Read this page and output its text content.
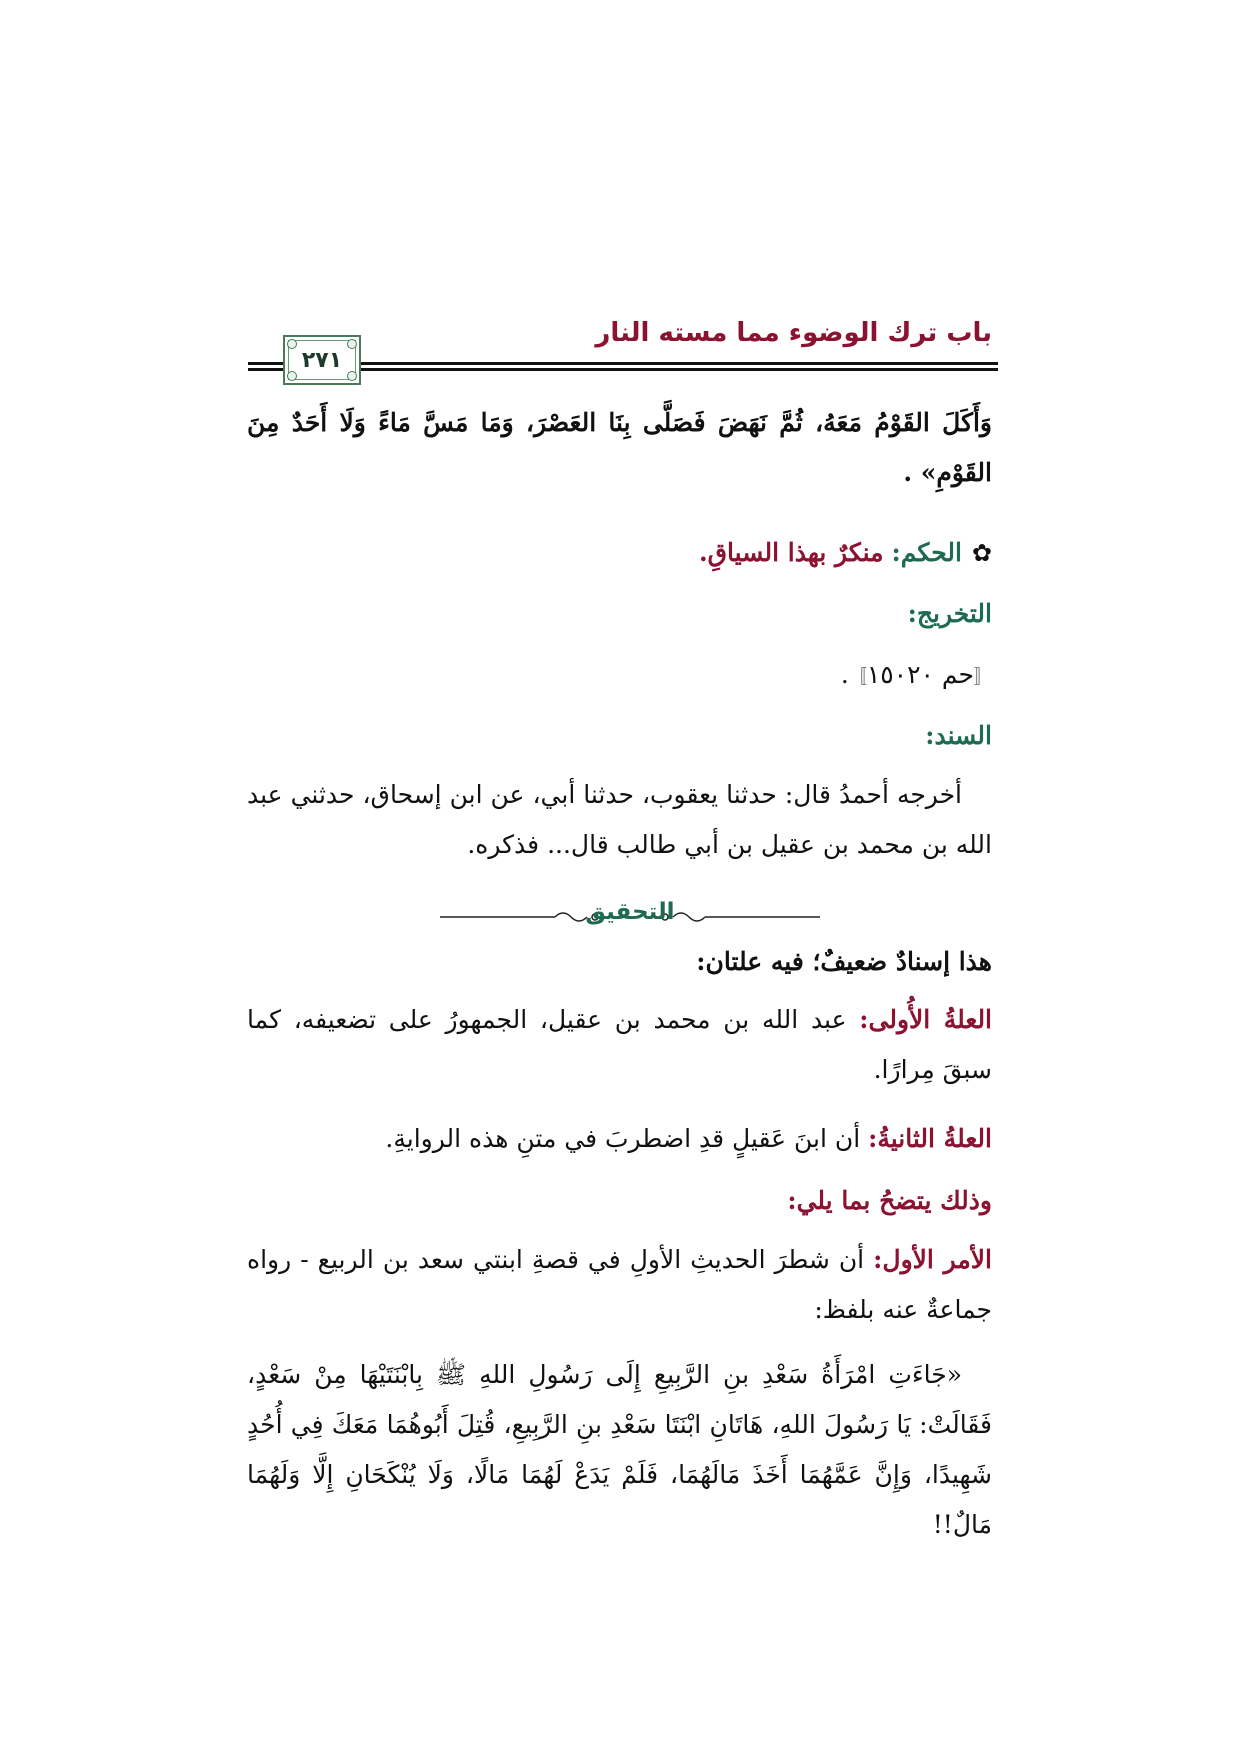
باب ترك الوضوء مما مسته النار
٢٧١
وَأَكَلَ القَوْمُ مَعَهُ، ثُمَّ نَهَضَ فَصَلَّى بِنَا العَصْرَ، وَمَا مَسَّ مَاءً وَلَا أَحَدٌ مِنَ القَوْمِ» .
✿الحكم: منكرٌ بهذا السياقِ.
التخريج:
〚حم ١٥٠٢٠〛.
السند:
أخرجه أحمدُ قال: حدثنا يعقوب، حدثنا أبي، عن ابن إسحاق، حدثني عبد الله بن محمد بن عقيل بن أبي طالب قال... فذكره.
التحقيق
هذا إسنادٌ ضعيفٌ؛ فيه علتان:
العلةُ الأُولى: عبد الله بن محمد بن عقيل، الجمهورُ على تضعيفه، كما سبقَ مِرارًا.
العلةُ الثانيةُ: أن ابنَ عَقيلٍ قدِ اضطربَ في متنِ هذه الروايةِ.
وذلك يتضحُ بما يلي:
الأمر الأول: أن شطرَ الحديثِ الأولِ في قصةِ ابنتي سعد بن الربيع - رواه جماعةٌ عنه بلفظ:
«جَاءَتِ امْرَأَةُ سَعْدِ بنِ الرَّبِيعِ إِلَى رَسُولِ اللهِ ﷺ بِابْنَتَيْهَا مِنْ سَعْدٍ، فَقَالَتْ: يَا رَسُولَ اللهِ، هَاتَانِ ابْنَتَا سَعْدِ بنِ الرَّبِيعِ، قُتِلَ أَبُوهُمَا مَعَكَ فِي أُحُدٍ شَهِيدًا، وَإِنَّ عَمَّهُمَا أَخَذَ مَالَهُمَا، فَلَمْ يَدَعْ لَهُمَا مَالًا، وَلَا يُنْكَحَانِ إِلَّا وَلَهُمَا مَالٌ!!
